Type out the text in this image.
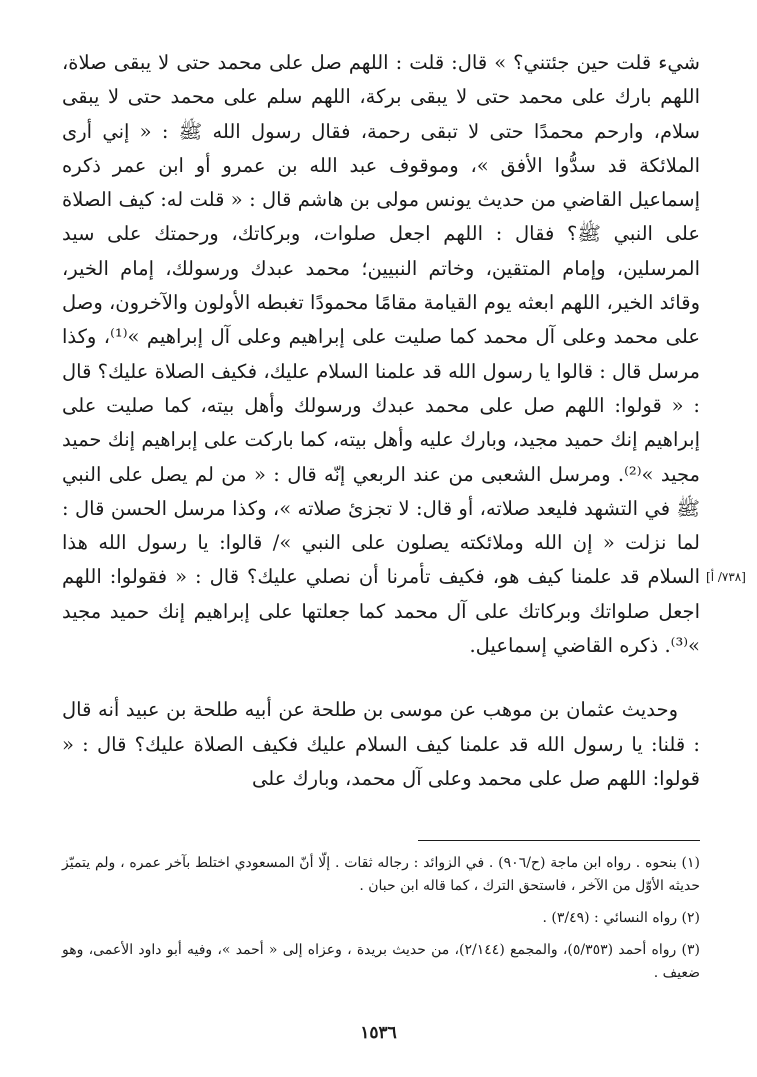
شيء قلت حين جئتني؟ » قال: قلت : اللهم صل على محمد حتى لا يبقى صلاة، اللهم بارك على محمد حتى لا يبقى بركة، اللهم سلم على محمد حتى لا يبقى سلام، وارحم محمدًا حتى لا تبقى رحمة، فقال رسول الله ﷺ : « إني أرى الملائكة قد سدُّوا الأفق »، وموقوف عبد الله بن عمرو أو ابن عمر ذكره إسماعيل القاضي من حديث يونس مولى بن هاشم قال : « قلت له: كيف الصلاة على النبي ﷺ؟ فقال : اللهم اجعل صلوات، وبركاتك، ورحمتك على سيد المرسلين، وإمام المتقين، وخاتم النبيين؛ محمد عبدك ورسولك، إمام الخير، وقائد الخير، اللهم ابعثه يوم القيامة مقامًا محمودًا تغبطه الأولون والآخرون، وصل على محمد وعلى آل محمد كما صليت على إبراهيم وعلى آل إبراهيم »⁽¹⁾، وكذا مرسل قال : قالوا يا رسول الله قد علمنا السلام عليك، فكيف الصلاة عليك؟ قال : « قولوا: اللهم صل على محمد عبدك ورسولك وأهل بيته، كما صليت على إبراهيم إنك حميد مجيد، وبارك عليه وأهل بيته، كما باركت على إبراهيم إنك حميد مجيد »⁽²⁾. ومرسل الشعبى من عند الربعي إنّه قال : « من لم يصل على النبي ﷺ في التشهد فليعد صلاته، أو قال: لا تجزئ صلاته »، وكذا مرسل الحسن قال : لما نزلت « إن الله وملائكته يصلون على النبي »/ قالوا: يا رسول الله هذا السلام قد علمنا كيف هو، فكيف تأمرنا أن نصلي عليك؟ قال : « فقولوا: اللهم اجعل صلواتك وبركاتك على آل محمد كما جعلتها على إبراهيم إنك حميد مجيد »⁽³⁾. ذكره القاضي إسماعيل.

وحديث عثمان بن موهب عن موسى بن طلحة عن أبيه طلحة بن عبيد أنه قال : قلنا: يا رسول الله قد علمنا كيف السلام عليك فكيف الصلاة عليك؟ قال : « قولوا: اللهم صل على محمد وعلى آل محمد، وبارك على

[٧٣٨/ أ]

(١) بنحوه . رواه ابن ماجة (ح/٩٠٦) . في الزوائد : رجاله ثقات . إلّا أنّ المسعودي اختلط بآخر عمره ، ولم يتميّز حديثه الأوّل من الآخر ، فاستحق الترك ، كما قاله ابن حبان .

(٢) رواه النسائي : (٣/٤٩) .

(٣) رواه أحمد (٥/٣٥٣)، والمجمع (٢/١٤٤)، من حديث بريدة ، وعزاه إلى « أحمد »، وفيه أبو داود الأعمى، وهو ضعيف .

١٥٣٦
